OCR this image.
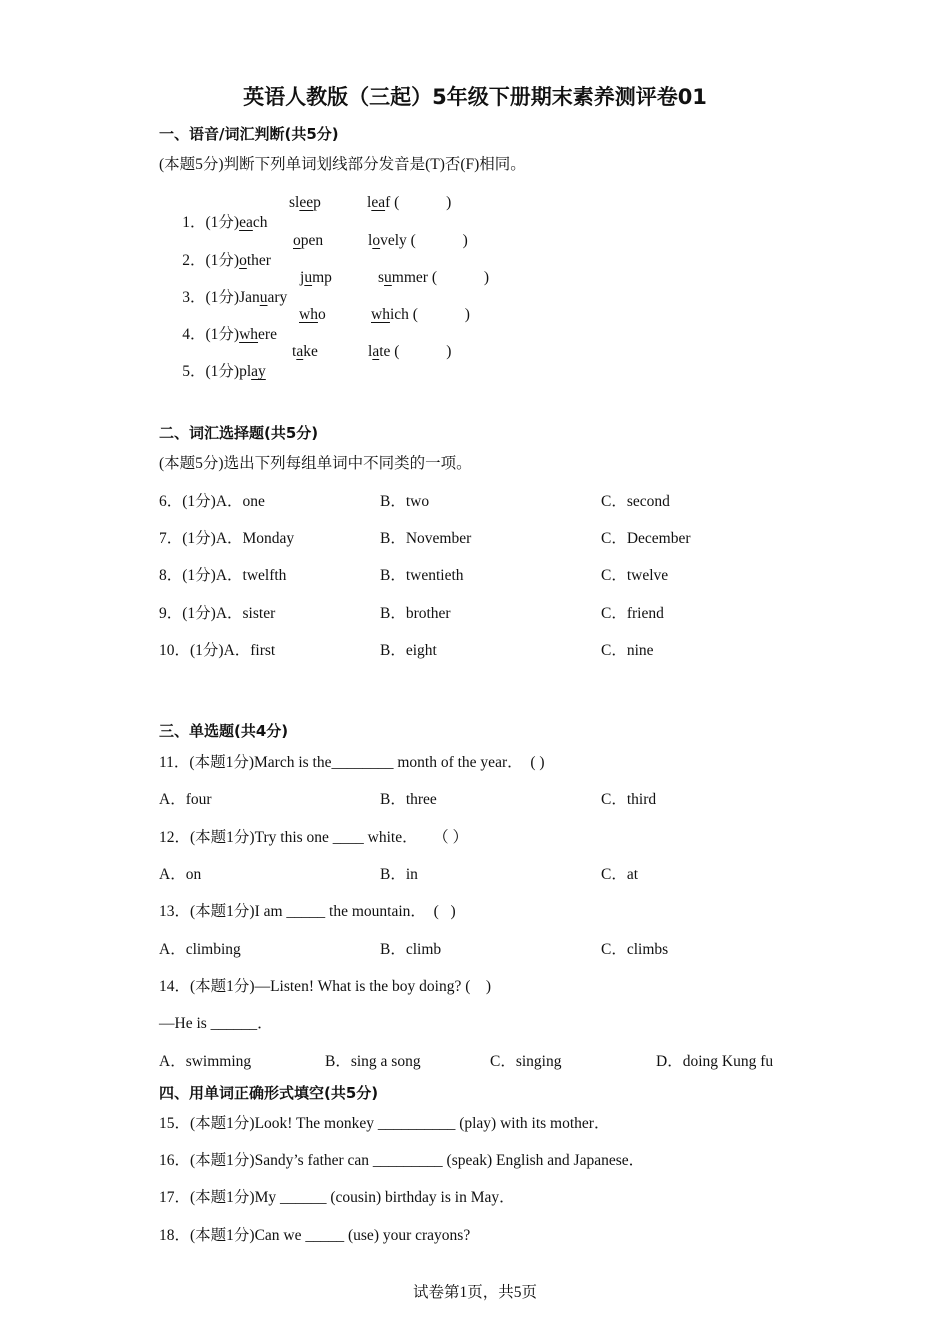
英语人教版（三起）5年级下册期末素养测评卷01
一、语音/词汇判断(共5分)
(本题5分)判断下列单词划线部分发音是(T)否(F)相同。

1．(1分)each

sleep	leaf (	)

2．(1分)other

open	lovely (	)

3．(1分)January

jump	summer (	)

4．(1分)where

who	which (	)

5．(1分)play

take	late (	)
二、词汇选择题(共5分)
(本题5分)选出下列每组单词中不同类的一项。
6．(1分)A．one	B．two	C．second
7．(1分)A．Monday	B．November	C．December
8．(1分)A．twelfth	B．twentieth	C．twelve
9．(1分)A．sister	B．brother	C．friend
10．(1分)A．first	B．eight	C．nine
三、单选题(共4分)
11．(本题1分)March is the________ month of the year．  ( )
A．four	B．three	C．third
12．(本题1分)Try this one ____ white．    （ ）
A．on	B．in	C．at
13．(本题1分)I am _____ the mountain．  (   )
A．climbing	B．climb	C．climbs
14．(本题1分)—Listen! What is the boy doing? (    )
—He is ______．
A．swimming	B．sing a song	C．singing	D．doing Kung fu
四、用单词正确形式填空(共5分)
15．(本题1分)Look! The monkey __________ (play) with its mother．
16．(本题1分)Sandy’s father can _________ (speak) English and Japanese．
17．(本题1分)My ______ (cousin) birthday is in May．
18．(本题1分)Can we _____ (use) your crayons?
试卷第1页，共5页
